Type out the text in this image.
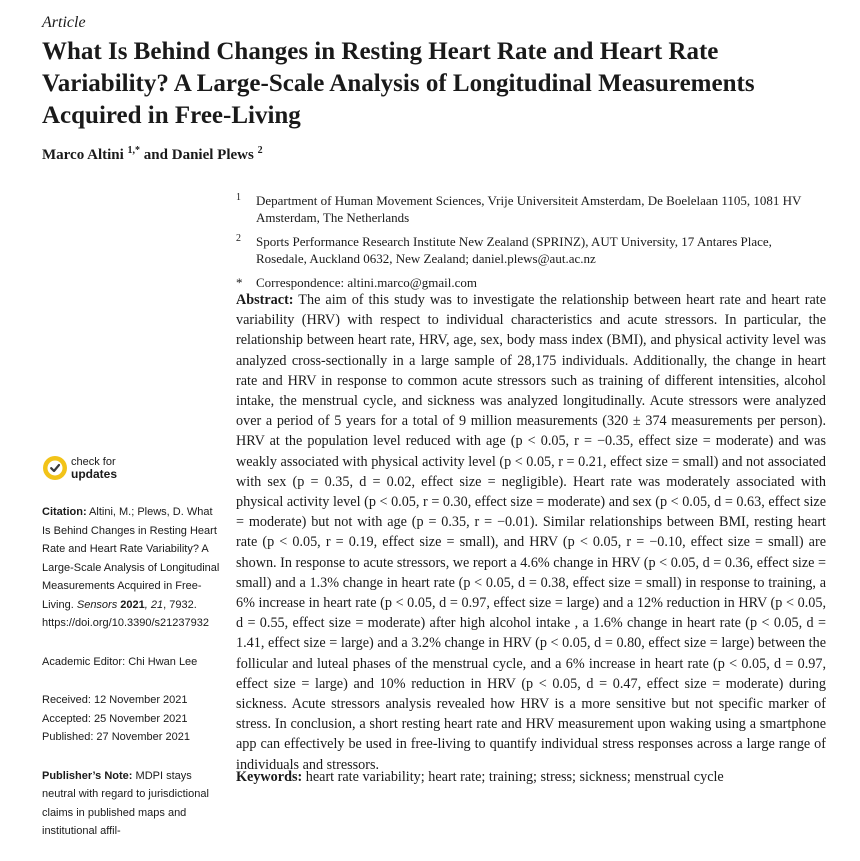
Article
What Is Behind Changes in Resting Heart Rate and Heart Rate Variability? A Large-Scale Analysis of Longitudinal Measurements Acquired in Free-Living
Marco Altini $^{1,*}$ and Daniel Plews $^2$
1 Department of Human Movement Sciences, Vrije Universiteit Amsterdam, De Boelelaan 1105, 1081 HV Amsterdam, The Netherlands
2 Sports Performance Research Institute New Zealand (SPRINZ), AUT University, 17 Antares Place, Rosedale, Auckland 0632, New Zealand; daniel.plews@aut.ac.nz
* Correspondence: altini.marco@gmail.com
check for
updates
Citation: Altini, M.; Plews, D. What Is Behind Changes in Resting Heart Rate and Heart Rate Variability? A Large-Scale Analysis of Longitudinal Measurements Acquired in Free-Living. Sensors 2021, 21, 7932. https://doi.org/10.3390/s21237932
Academic Editor: Chi Hwan Lee
Received: 12 November 2021
Accepted: 25 November 2021
Published: 27 November 2021
Publisher’s Note: MDPI stays neutral with regard to jurisdictional claims in published maps and institutional affil-

Abstract: The aim of this study was to investigate the relationship between heart rate and heart rate variability (HRV) with respect to individual characteristics and acute stressors. In particular, the relationship between heart rate, HRV, age, sex, body mass index (BMI), and physical activity level was analyzed cross-sectionally in a large sample of 28,175 individuals. Additionally, the change in heart rate and HRV in response to common acute stressors such as training of different intensities, alcohol intake, the menstrual cycle, and sickness was analyzed longitudinally. Acute stressors were analyzed over a period of 5 years for a total of 9 million measurements (320 ± 374 measurements per person). HRV at the population level reduced with age (p < 0.05, r = −0.35, effect size = moderate) and was weakly associated with physical activity level (p < 0.05, r = 0.21, effect size = small) and not associated with sex (p = 0.35, d = 0.02, effect size = negligible). Heart rate was moderately associated with physical activity level (p < 0.05, r = 0.30, effect size = moderate) and sex (p < 0.05, d = 0.63, effect size = moderate) but not with age (p = 0.35, r = −0.01). Similar relationships between BMI, resting heart rate (p < 0.05, r = 0.19, effect size = small), and HRV (p < 0.05, r = −0.10, effect size = small) are shown. In response to acute stressors, we report a 4.6% change in HRV (p < 0.05, d = 0.36, effect size = small) and a 1.3% change in heart rate (p < 0.05, d = 0.38, effect size = small) in response to training, a 6% increase in heart rate (p < 0.05, d = 0.97, effect size = large) and a 12% reduction in HRV (p < 0.05, d = 0.55, effect size = moderate) after high alcohol intake , a 1.6% change in heart rate (p < 0.05, d = 1.41, effect size = large) and a 3.2% change in HRV (p < 0.05, d = 0.80, effect size = large) between the follicular and luteal phases of the menstrual cycle, and a 6% increase in heart rate (p < 0.05, d = 0.97, effect size = large) and 10% reduction in HRV (p < 0.05, d = 0.47, effect size = moderate) during sickness. Acute stressors analysis revealed how HRV is a more sensitive but not specific marker of stress. In conclusion, a short resting heart rate and HRV measurement upon waking using a smartphone app can effectively be used in free-living to quantify individual stress responses across a large range of individuals and stressors.

Keywords: heart rate variability; heart rate; training; stress; sickness; menstrual cycle
